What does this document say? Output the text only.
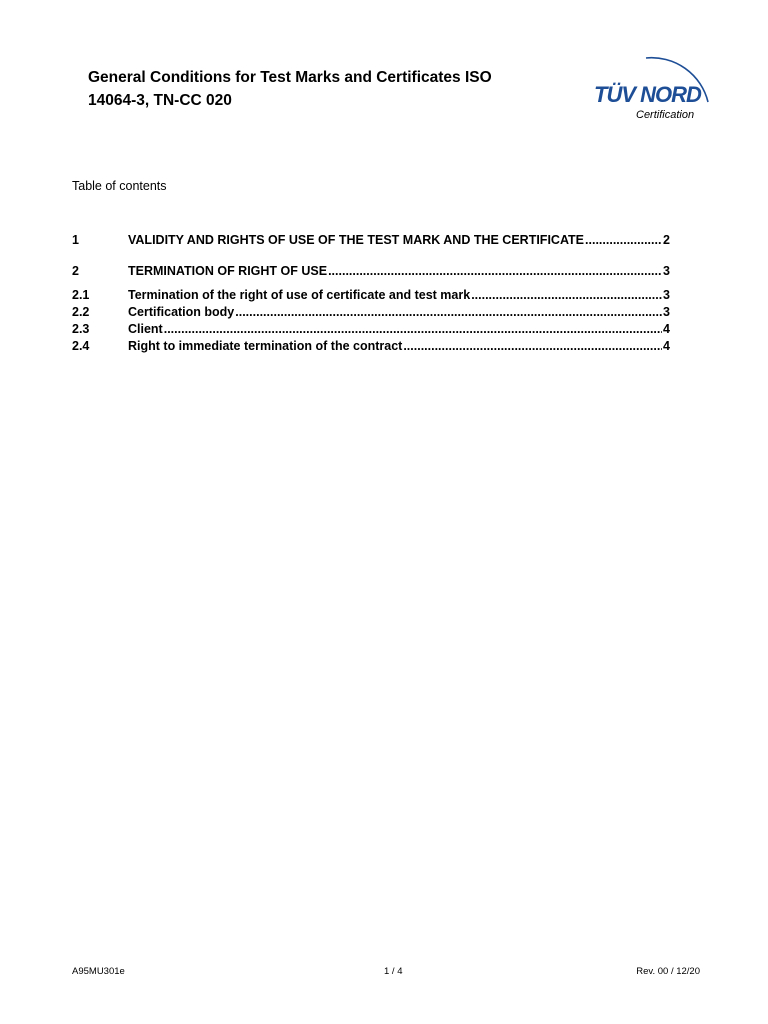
General Conditions for Test Marks and Certificates ISO
14064-3, TN-CC 020	TÜV NORD
Certification
Table of contents
1	VALIDITY AND RIGHTS OF USE OF THE TEST MARK AND THE CERTIFICATE .....	2
2	TERMINATION OF RIGHT OF USE .....	3
2.1	Termination of the right of use of certificate and test mark .....	3
2.2	Certification body .....	3
2.3	Client .....	4
2.4	Right to immediate termination of the contract .....	4
A95MU301e	1 / 4	Rev. 00 / 12/20
